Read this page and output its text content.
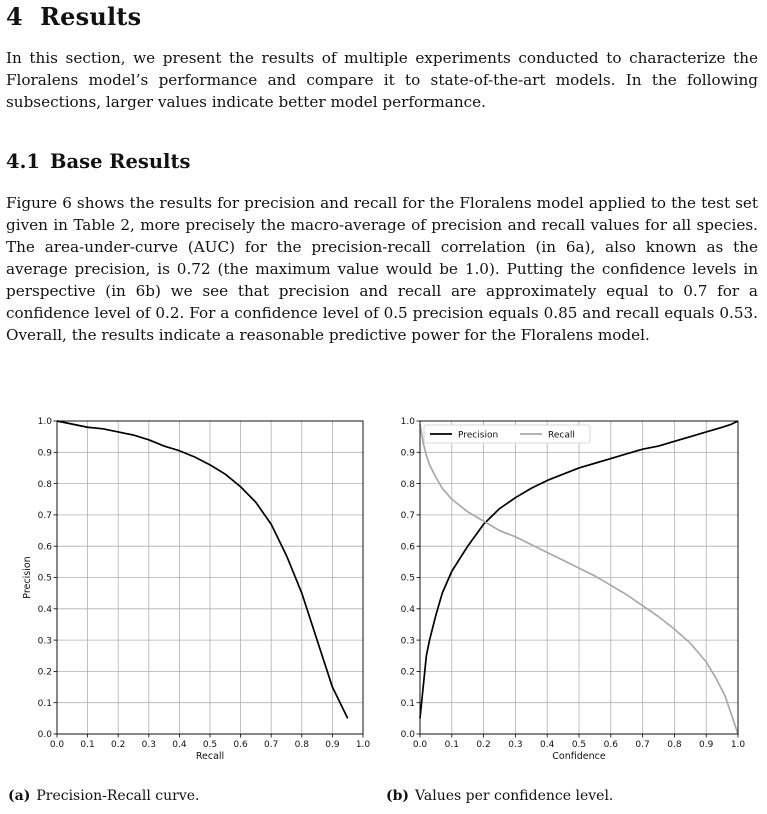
4 Results

In this section, we present the results of multiple experiments conducted to characterize the Floralens model’s performance and compare it to state-of-the-art models. In the following subsections, larger values indicate better model performance.

4.1 Base Results

Figure 6 shows the results for precision and recall for the Floralens model applied to the test set given in Table 2, more precisely the macro-average of precision and recall values for all species. The area-under-curve (AUC) for the precision-recall correlation (in 6a), also known as the average precision, is 0.72 (the maximum value would be 1.0). Putting the confidence levels in perspective (in 6b) we see that precision and recall are approximately equal to 0.7 for a confidence level of 0.2. For a confidence level of 0.5 precision equals 0.85 and recall equals 0.53. Overall, the results indicate a reasonable predictive power for the Floralens model.

0.0 0.1 0.2 0.3 0.4 0.5 0.6 0.7 0.8 0.9 1.0
0.0
0.1
0.2
0.3
0.4
0.5
0.6
0.7
0.8
0.9
1.0
Recall
Precision
0.0 0.1 0.2 0.3 0.4 0.5 0.6 0.7 0.8 0.9 1.0
0.0
0.1
0.2
0.3
0.4
0.5
0.6
0.7
0.8
0.9
1.0
Confidence
Precision	Recall

(a) Precision-Recall curve.	(b) Values per confidence level.
